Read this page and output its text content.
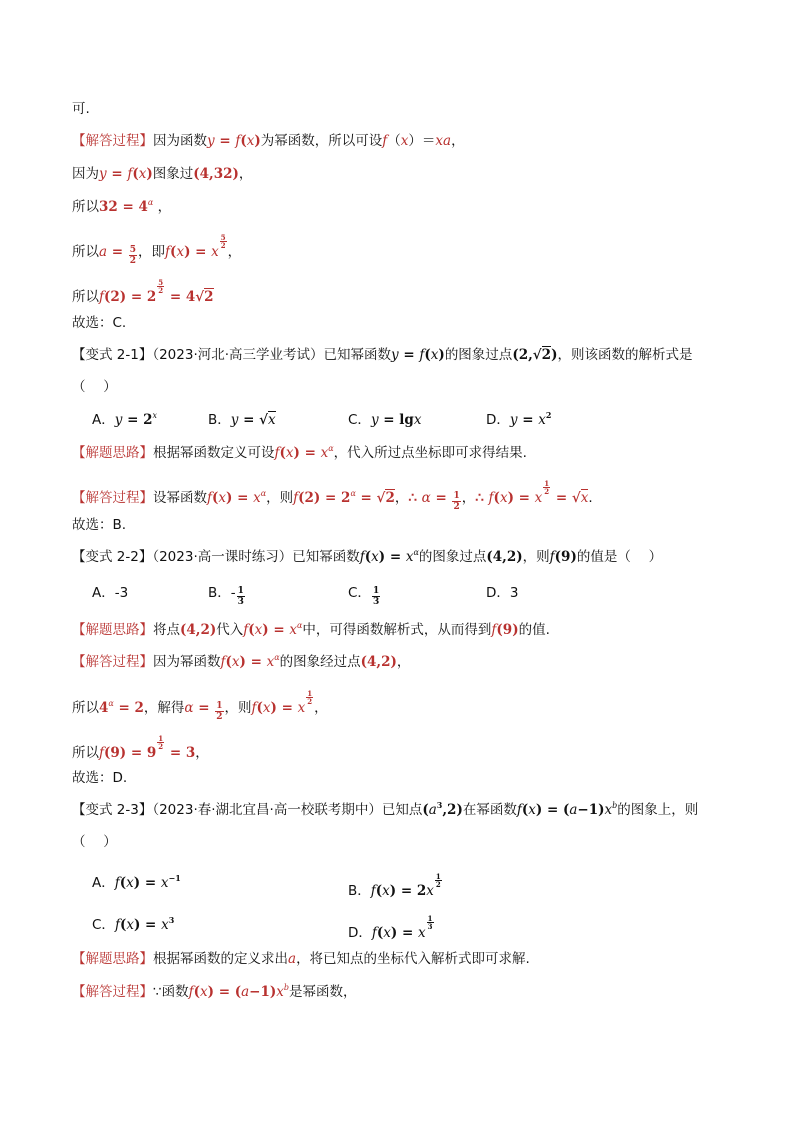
可.
【解答过程】因为函数y = f(x)为幂函数，所以可设f（x）＝xa，
因为y = f(x)图象过(4,32)，
所以$32 = 4^\alpha$ ，
所以$a = \frac{5}{2}$ ，即f(x) = x
$\frac{5}{2}$
，
所以f(2) = 2
$\frac{5}{2}$
= 4√2
故选：C.
【变式 2-1】（2023·河北·高三学业考试）已知幂函数y = f(x)的图象过点(2,√2)，则该函数的解析式是
（　 ）
A．$y = 2^x$	B．y = √x	C．y = lgx	D．$y = x^2$
【解题思路】根据幂函数定义可设$f(x) = x^\alpha$，代入所过点坐标即可求得结果.
【解答过程】设幂函数$f(x) = x^\alpha$，则$f(2) = 2^\alpha = √2$，∴ $\alpha = \frac{1}{2}$ ，∴ f(x) = x
$\frac{1}{2}$
= √x.
故选：B.
【变式 2-2】（2023·高一课时练习）已知幂函数$f(x) = x^\alpha$的图象过点(4,2)，则f(9)的值是（　 ）
A．-3	B．- $\frac{1}{3}$	C． $\frac{1}{3}$	D．3
【解题思路】将点(4,2)代入$f(x) = x^\alpha$中，可得函数解析式，从而得到f(9)的值.
【解答过程】因为幂函数$f(x) = x^\alpha$的图象经过点(4,2)，
所以$4^\alpha = 2$，解得$\alpha = \frac{1}{2}$ ，则f(x) = x
$\frac{1}{2}$
，
所以f(9) = 9
$\frac{1}{2}$
= 3，
故选：D.
【变式 2-3】（2023·春·湖北宜昌·高一校联考期中）已知点$(a^3,2)$在幂函数$f(x) = (a-1)x^b$的图象上，则
（　 ）
A．$f(x) = x^{-1}$
B．f(x) = 2x
$\frac{1}{2}$
C．$f(x) = x^3$
D．f(x) = x
$\frac{1}{3}$
【解题思路】根据幂函数的定义求出a，将已知点的坐标代入解析式即可求解.
【解答过程】∵函数$f(x) = (a-1)x^b$是幂函数，
